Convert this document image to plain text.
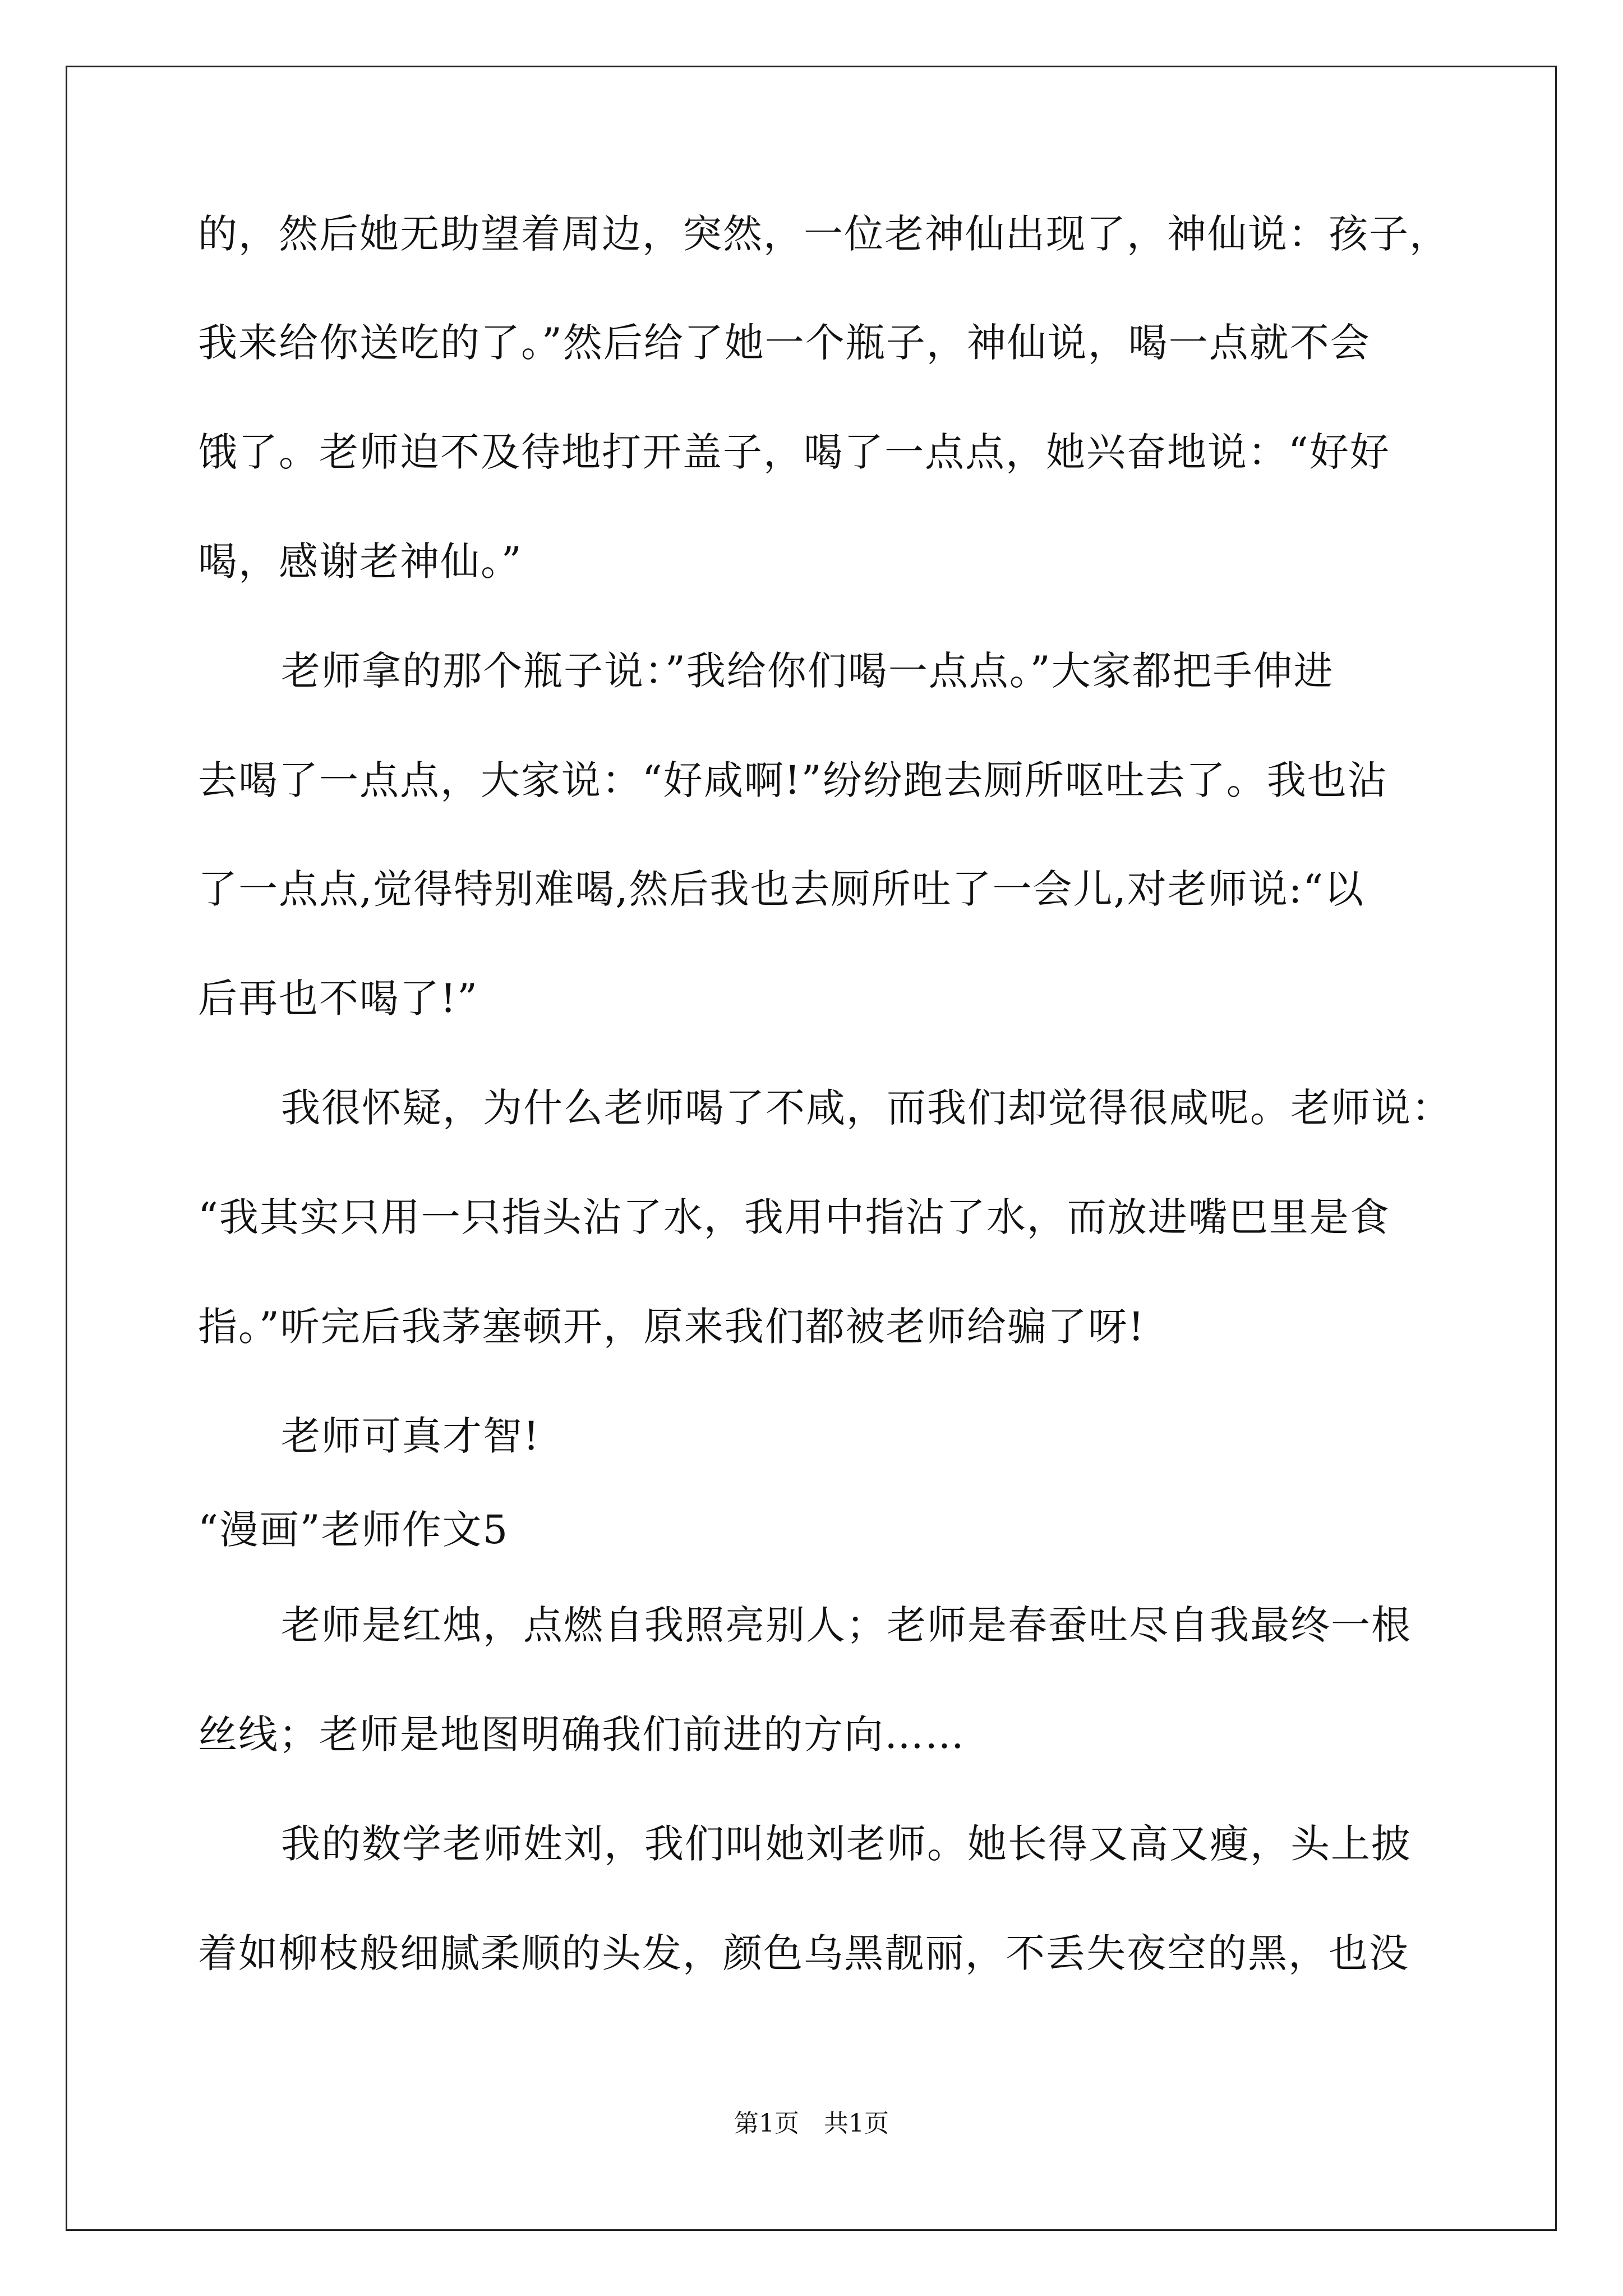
的，然后她无助望着周边，突然，一位老神仙出现了，神仙说：孩子，
我来给你送吃的了。”然后给了她一个瓶子，神仙说，喝一点就不会
饿了。老师迫不及待地打开盖子，喝了一点点，她兴奋地说：“好好
喝，感谢老神仙。”
老师拿的那个瓶子说：”我给你们喝一点点。”大家都把手伸进
去喝了一点点，大家说：“好咸啊!”纷纷跑去厕所呕吐去了。我也沾
了一点点,觉得特别难喝,然后我也去厕所吐了一会儿,对老师说:“以
后再也不喝了!”
我很怀疑，为什么老师喝了不咸，而我们却觉得很咸呢。老师说：
“我其实只用一只指头沾了水，我用中指沾了水，而放进嘴巴里是食
指。”听完后我茅塞顿开，原来我们都被老师给骗了呀!
老师可真才智!
“漫画”老师作文5
老师是红烛，点燃自我照亮别人；老师是春蚕吐尽自我最终一根
丝线；老师是地图明确我们前进的方向……
我的数学老师姓刘，我们叫她刘老师。她长得又高又瘦，头上披
着如柳枝般细腻柔顺的头发，颜色乌黑靓丽，不丢失夜空的黑，也没
第1页　共1页
